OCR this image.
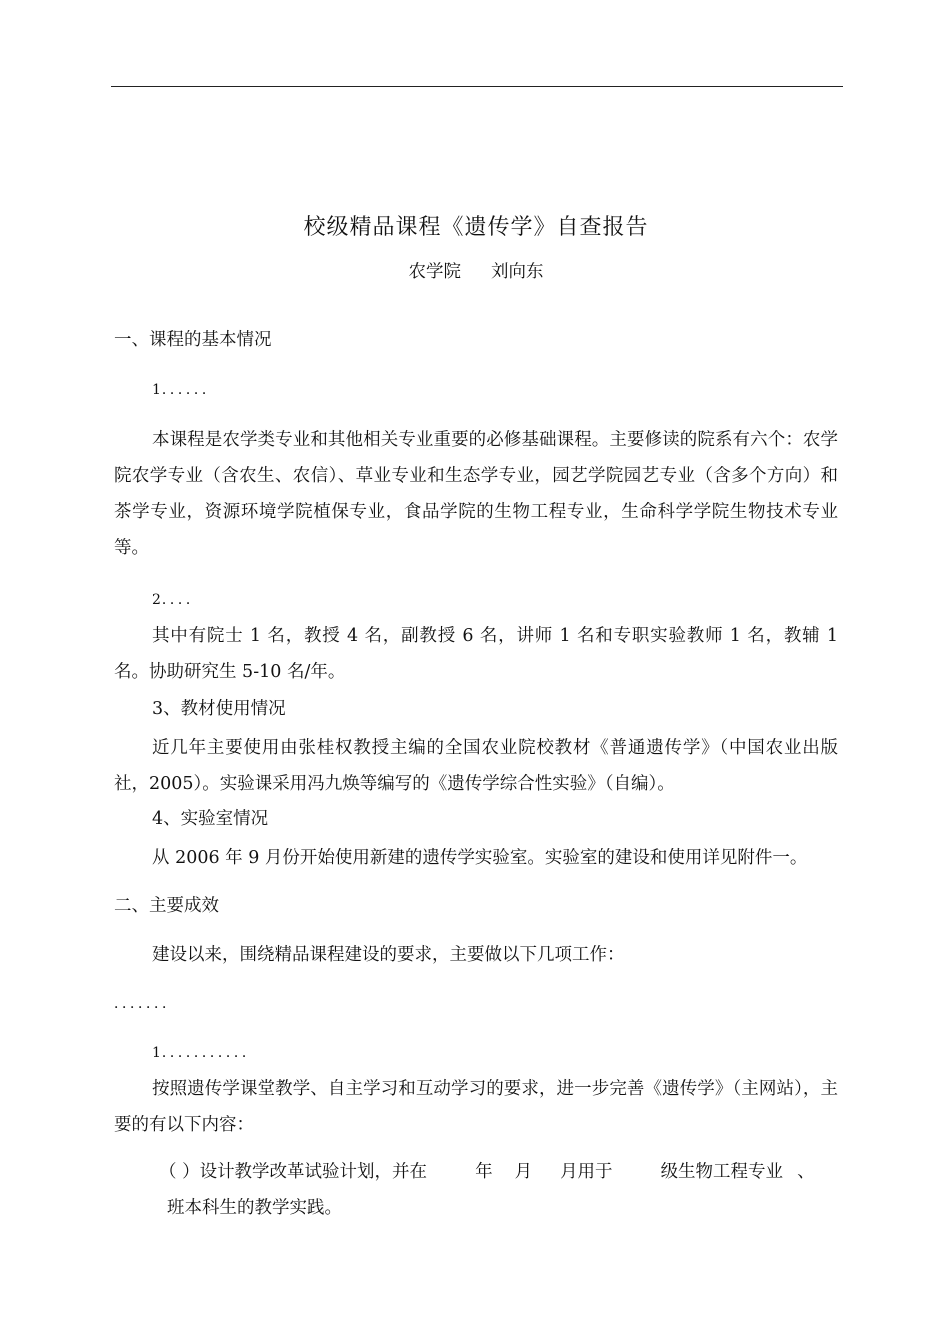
校级精品课程《遗传学》自查报告
农学院 刘向东
一、课程的基本情况
1．．．．．．
本课程是农学类专业和其他相关专业重要的必修基础课程。主要修读的院系有六个：农学院农学专业（含农生、农信）、草业专业和生态学专业，园艺学院园艺专业（含多个方向）和茶学专业，资源环境学院植保专业，食品学院的生物工程专业，生命科学学院生物技术专业等。
2．．．．
其中有院士 1 名，教授 4 名，副教授 6 名，讲师 1 名和专职实验教师 1 名，教辅 1 名。协助研究生 5-10 名/年。
3、教材使用情况
近几年主要使用由张桂权教授主编的全国农业院校教材《普通遗传学》（中国农业出版社，2005）。实验课采用冯九焕等编写的《遗传学综合性实验》（自编）。
4、实验室情况
从 2006 年 9 月份开始使用新建的遗传学实验室。实验室的建设和使用详见附件一。
二、主要成效
建设以来，围绕精品课程建设的要求，主要做以下几项工作：
．．．．．．．
1．．．．．．．．．．．
按照遗传学课堂教学、自主学习和互动学习的要求，进一步完善《遗传学》（主网站），主要的有以下内容：
（ ）设计教学改革试验计划，并在	年 月 月用于	级生物工程专业 、
班本科生的教学实践。
